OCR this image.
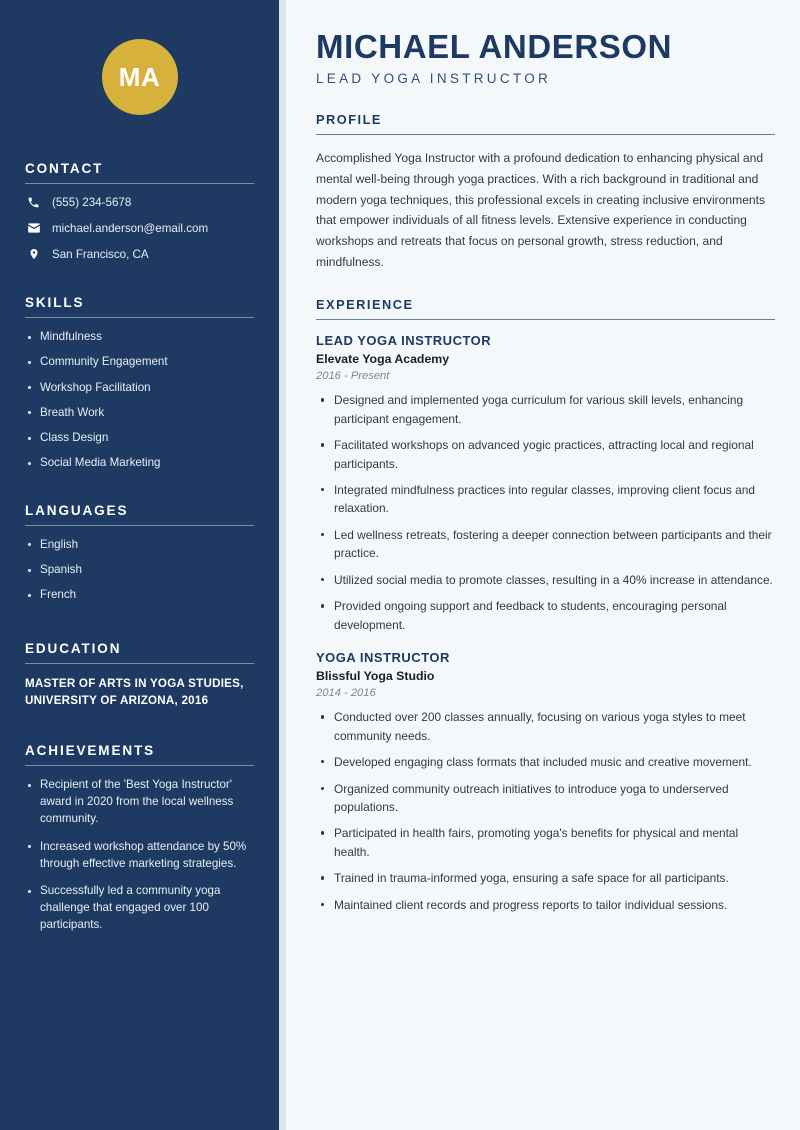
MA
CONTACT
(555) 234-5678
michael.anderson@email.com
San Francisco, CA
SKILLS
Mindfulness
Community Engagement
Workshop Facilitation
Breath Work
Class Design
Social Media Marketing
LANGUAGES
English
Spanish
French
EDUCATION
MASTER OF ARTS IN YOGA STUDIES, UNIVERSITY OF ARIZONA, 2016
ACHIEVEMENTS
Recipient of the 'Best Yoga Instructor' award in 2020 from the local wellness community.
Increased workshop attendance by 50% through effective marketing strategies.
Successfully led a community yoga challenge that engaged over 100 participants.
MICHAEL ANDERSON
LEAD YOGA INSTRUCTOR
PROFILE

Accomplished Yoga Instructor with a profound dedication to enhancing physical and mental well-being through yoga practices. With a rich background in traditional and modern yoga techniques, this professional excels in creating inclusive environments that empower individuals of all fitness levels. Extensive experience in conducting workshops and retreats that focus on personal growth, stress reduction, and mindfulness.

EXPERIENCE
LEAD YOGA INSTRUCTOR
Elevate Yoga Academy
2016 - Present
Designed and implemented yoga curriculum for various skill levels, enhancing participant engagement.
Facilitated workshops on advanced yogic practices, attracting local and regional participants.
Integrated mindfulness practices into regular classes, improving client focus and relaxation.
Led wellness retreats, fostering a deeper connection between participants and their practice.
Utilized social media to promote classes, resulting in a 40% increase in attendance.
Provided ongoing support and feedback to students, encouraging personal development.
YOGA INSTRUCTOR
Blissful Yoga Studio
2014 - 2016
Conducted over 200 classes annually, focusing on various yoga styles to meet community needs.
Developed engaging class formats that included music and creative movement.
Organized community outreach initiatives to introduce yoga to underserved populations.
Participated in health fairs, promoting yoga's benefits for physical and mental health.
Trained in trauma-informed yoga, ensuring a safe space for all participants.
Maintained client records and progress reports to tailor individual sessions.
